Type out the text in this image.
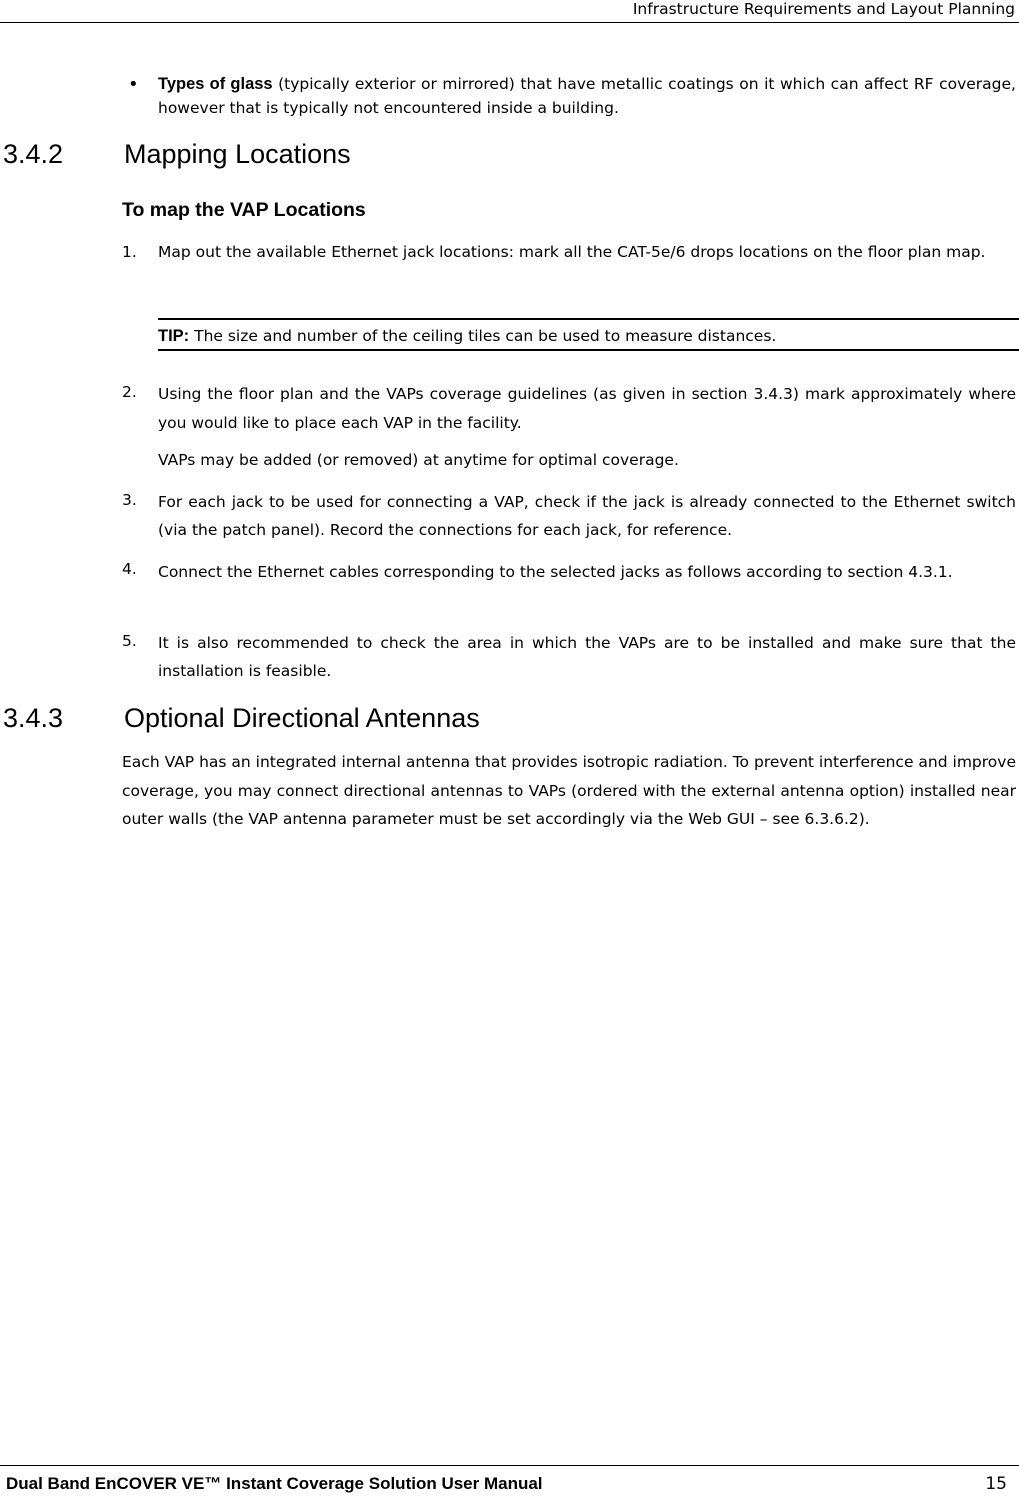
Infrastructure Requirements and Layout Planning
• Types of glass (typically exterior or mirrored) that have metallic coatings on it which can affect RF coverage, however that is typically not encountered inside a building.
3.4.2 Mapping Locations
To map the VAP Locations
1. Map out the available Ethernet jack locations: mark all the CAT-5e/6 drops locations on the floor plan map.
TIP: The size and number of the ceiling tiles can be used to measure distances.
2. Using the floor plan and the VAPs coverage guidelines (as given in section 3.4.3) mark approximately where you would like to place each VAP in the facility.
VAPs may be added (or removed) at anytime for optimal coverage.
3. For each jack to be used for connecting a VAP, check if the jack is already connected to the Ethernet switch (via the patch panel). Record the connections for each jack, for reference.
4. Connect the Ethernet cables corresponding to the selected jacks as follows according to section 4.3.1.
5. It is also recommended to check the area in which the VAPs are to be installed and make sure that the installation is feasible.
3.4.3 Optional Directional Antennas
Each VAP has an integrated internal antenna that provides isotropic radiation. To prevent interference and improve coverage, you may connect directional antennas to VAPs (ordered with the external antenna option) installed near outer walls (the VAP antenna parameter must be set accordingly via the Web GUI – see 6.3.6.2).
Dual Band EnCOVER VE™ Instant Coverage Solution User Manual	15
